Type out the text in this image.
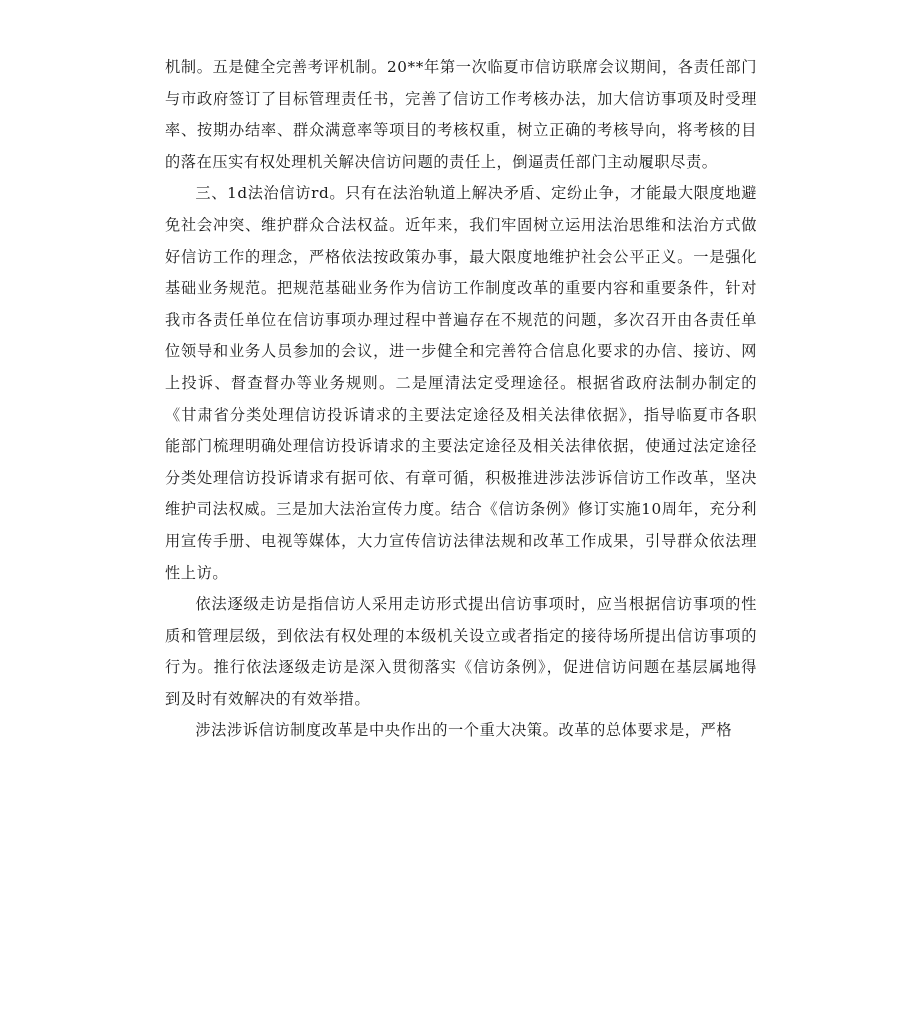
机制。五是健全完善考评机制。20**年第一次临夏市信访联席会议期间，各责任部门与市政府签订了目标管理责任书，完善了信访工作考核办法，加大信访事项及时受理率、按期办结率、群众满意率等项目的考核权重，树立正确的考核导向，将考核的目的落在压实有权处理机关解决信访问题的责任上，倒逼责任部门主动履职尽责。

三、1d法治信访rd。只有在法治轨道上解决矛盾、定纷止争，才能最大限度地避免社会冲突、维护群众合法权益。近年来，我们牢固树立运用法治思维和法治方式做好信访工作的理念，严格依法按政策办事，最大限度地维护社会公平正义。一是强化基础业务规范。把规范基础业务作为信访工作制度改革的重要内容和重要条件，针对我市各责任单位在信访事项办理过程中普遍存在不规范的问题，多次召开由各责任单位领导和业务人员参加的会议，进一步健全和完善符合信息化要求的办信、接访、网上投诉、督查督办等业务规则。二是厘清法定受理途径。根据省政府法制办制定的《甘肃省分类处理信访投诉请求的主要法定途径及相关法律依据》，指导临夏市各职能部门梳理明确处理信访投诉请求的主要法定途径及相关法律依据，使通过法定途径分类处理信访投诉请求有据可依、有章可循，积极推进涉法涉诉信访工作改革，坚决维护司法权威。三是加大法治宣传力度。结合《信访条例》修订实施10周年，充分利用宣传手册、电视等媒体，大力宣传信访法律法规和改革工作成果，引导群众依法理性上访。

依法逐级走访是指信访人采用走访形式提出信访事项时，应当根据信访事项的性质和管理层级，到依法有权处理的本级机关设立或者指定的接待场所提出信访事项的行为。推行依法逐级走访是深入贯彻落实《信访条例》，促进信访问题在基层属地得到及时有效解决的有效举措。

涉法涉诉信访制度改革是中央作出的一个重大决策。改革的总体要求是，严格
